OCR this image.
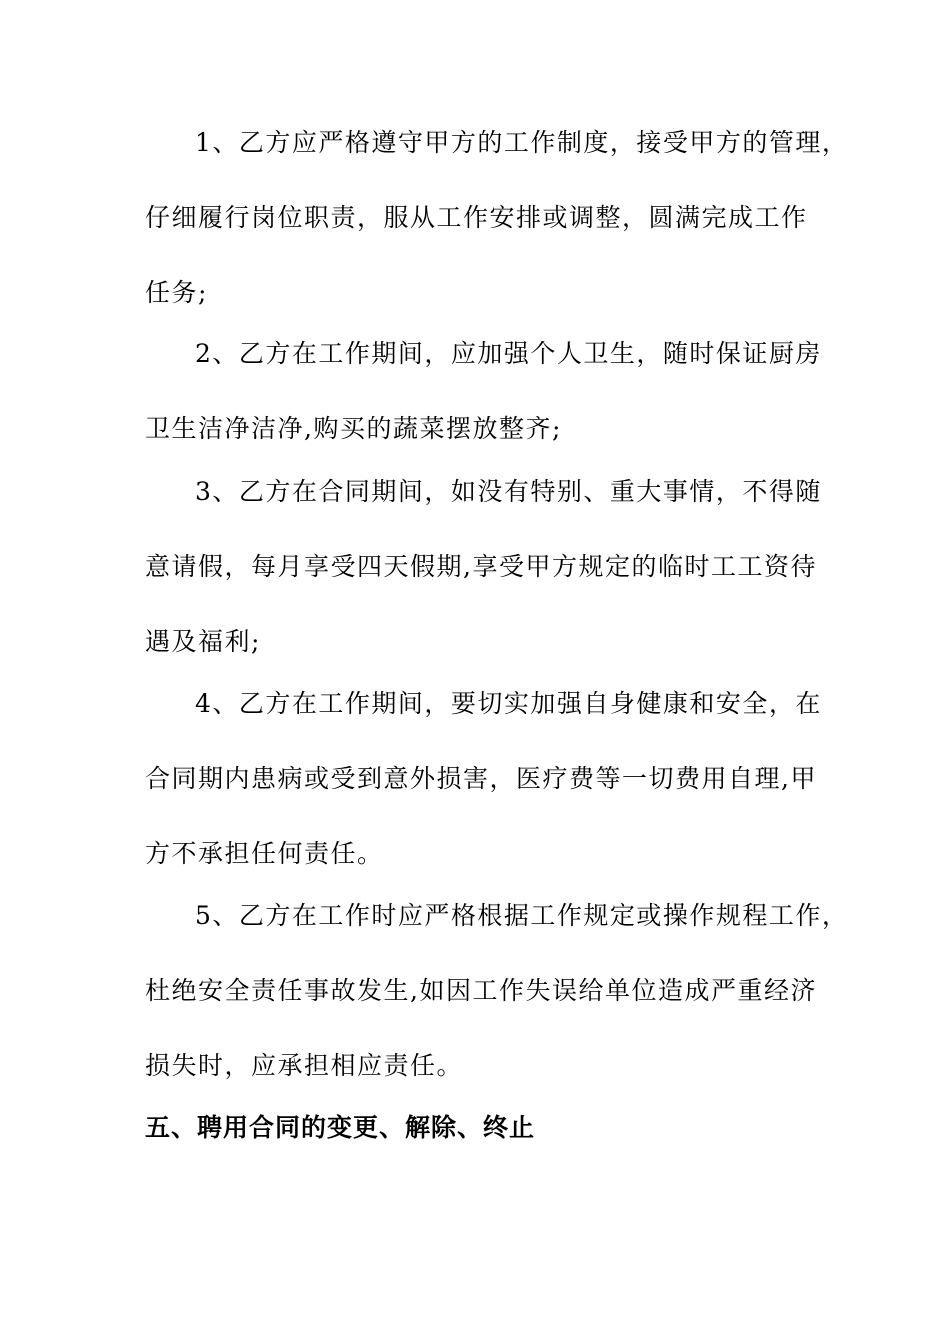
1、乙方应严格遵守甲方的工作制度，接受甲方的管理，
仔细履行岗位职责，服从工作安排或调整，圆满完成工作
任务;
2、乙方在工作期间，应加强个人卫生，随时保证厨房
卫生洁净洁净,购买的蔬菜摆放整齐;
3、乙方在合同期间，如没有特别、重大事情，不得随
意请假，每月享受四天假期,享受甲方规定的临时工工资待
遇及福利;
4、乙方在工作期间，要切实加强自身健康和安全，在
合同期内患病或受到意外损害，医疗费等一切费用自理,甲
方不承担任何责任。
5、乙方在工作时应严格根据工作规定或操作规程工作，
杜绝安全责任事故发生,如因工作失误给单位造成严重经济
损失时，应承担相应责任。
五、聘用合同的变更、解除、终止
